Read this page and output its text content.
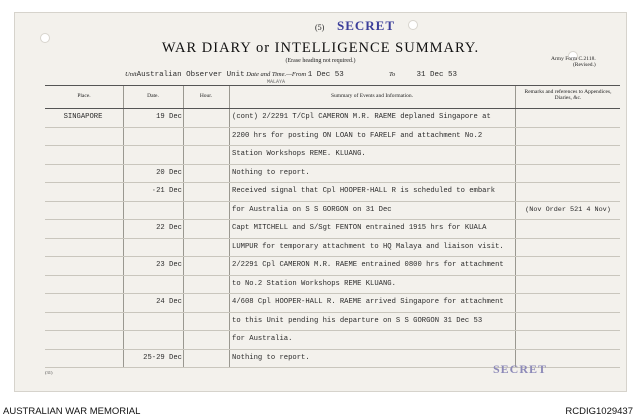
(5) SECRET
WAR DIARY or INTELLIGENCE SUMMARY.
(Erase heading not required.)	Army Form C.2118.
(Revised.)
UnitAustralian Observer Unit Date and Time.—From 1 Dec 53	To	31 Dec 53
MALAYA
Place.	Date.	Hour.	Summary of Events and Information.
Remarks and references to Appendices, Diaries, &c.
SINGAPORE	19 Dec	(cont) 2/2291 T/Cpl CAMERON M.R. RAEME deplaned Singapore at
2200 hrs for posting ON LOAN to FARELF and attachment No.2
Station Workshops REME. KLUANG.
20 Dec	Nothing to report.
·21 Dec	Received signal that Cpl HOOPER-HALL R is scheduled to embark
for Australia on S S GORGON on 31 Dec	(Nov Order 521 4 Nov)
22 Dec	Capt MITCHELL and S/Sgt FENTON entrained 1915 hrs for KUALA
LUMPUR for temporary attachment to HQ Malaya and liaison visit.
23 Dec	2/2291 Cpl CAMERON M.R. RAEME entrained 0800 hrs for attachment
to No.2 Station Workshops REME KLUANG.
24 Dec	4/608 Cpl HOOPER-HALL R. RAEME arrived Singapore for attachment
to this Unit pending his departure on S S GORGON 31 Dec 53
for Australia.
25-29 Dec	Nothing to report.
SECRET
(31)
AUSTRALIAN WAR MEMORIAL	RCDIG1029437
